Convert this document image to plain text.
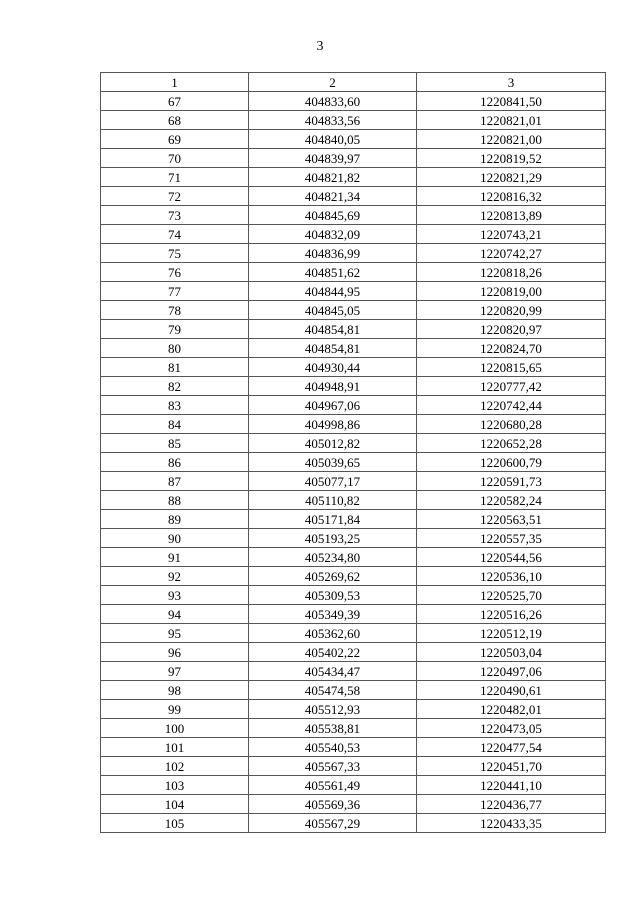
3
1	2	3
67	404833,60	1220841,50
68	404833,56	1220821,01
69	404840,05	1220821,00
70	404839,97	1220819,52
71	404821,82	1220821,29
72	404821,34	1220816,32
73	404845,69	1220813,89
74	404832,09	1220743,21
75	404836,99	1220742,27
76	404851,62	1220818,26
77	404844,95	1220819,00
78	404845,05	1220820,99
79	404854,81	1220820,97
80	404854,81	1220824,70
81	404930,44	1220815,65
82	404948,91	1220777,42
83	404967,06	1220742,44
84	404998,86	1220680,28
85	405012,82	1220652,28
86	405039,65	1220600,79
87	405077,17	1220591,73
88	405110,82	1220582,24
89	405171,84	1220563,51
90	405193,25	1220557,35
91	405234,80	1220544,56
92	405269,62	1220536,10
93	405309,53	1220525,70
94	405349,39	1220516,26
95	405362,60	1220512,19
96	405402,22	1220503,04
97	405434,47	1220497,06
98	405474,58	1220490,61
99	405512,93	1220482,01
100	405538,81	1220473,05
101	405540,53	1220477,54
102	405567,33	1220451,70
103	405561,49	1220441,10
104	405569,36	1220436,77
105	405567,29	1220433,35
